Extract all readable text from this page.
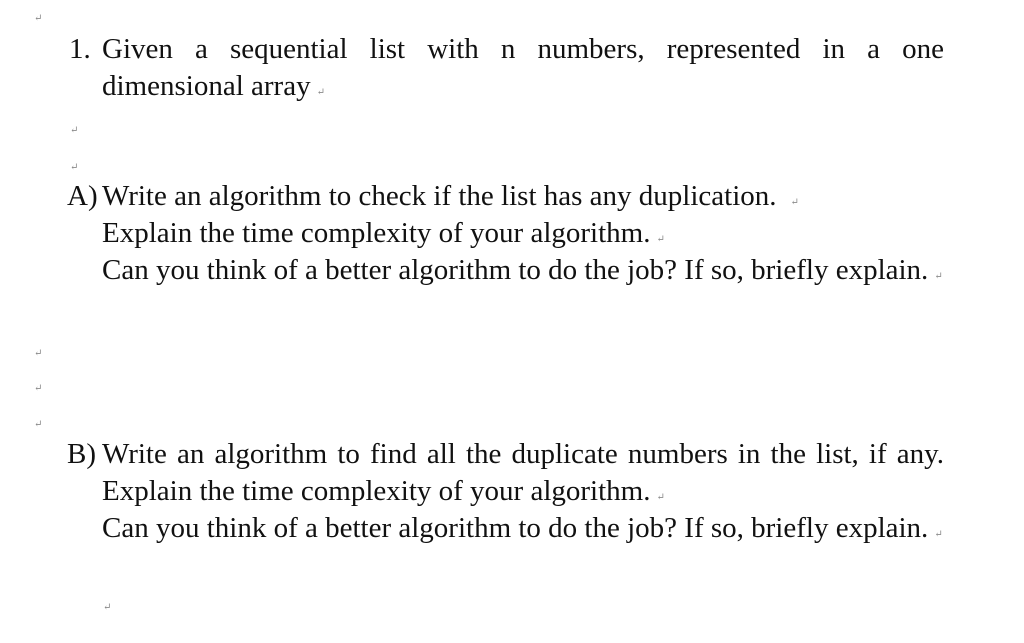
↵
↵
↵
↵
↵
↵
↵
1. Given a sequential list with n numbers, represented in a one dimensional array ↵
A) Write an algorithm to check if the list has any duplication. ↵
Explain the time complexity of your algorithm. ↵
Can you think of a better algorithm to do the job? If so, briefly explain. ↵
B) Write an algorithm to find all the duplicate numbers in the list, if any. Explain the time complexity of your algorithm. ↵
Can you think of a better algorithm to do the job? If so, briefly explain. ↵
